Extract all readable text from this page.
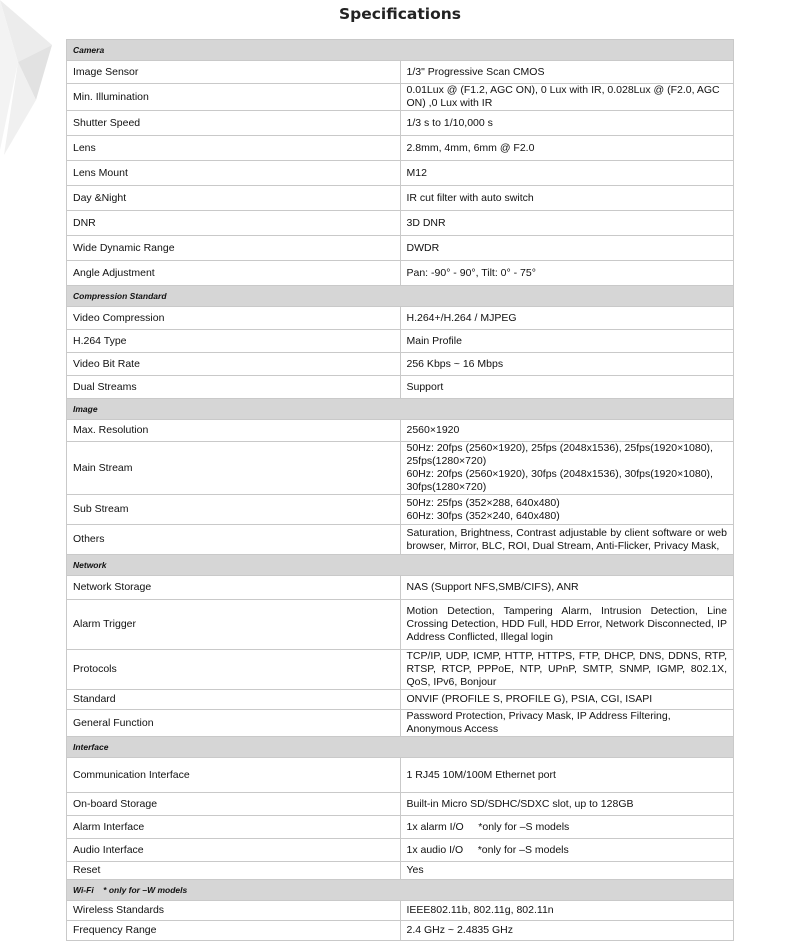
Specifications
Camera	
Image Sensor	1/3" Progressive Scan CMOS
Min. Illumination	0.01Lux @ (F1.2, AGC ON), 0 Lux with IR, 0.028Lux @ (F2.0, AGC ON) ,0 Lux with IR
Shutter Speed	1/3 s to 1/10,000 s
Lens	2.8mm, 4mm, 6mm @ F2.0
Lens Mount	M12
Day &Night	IR cut filter with auto switch
DNR	3D DNR
Wide Dynamic Range	DWDR
Angle Adjustment	Pan: -90° - 90°, Tilt: 0° - 75°
Compression Standard	
Video Compression	H.264+/H.264 / MJPEG
H.264 Type	Main Profile
Video Bit Rate	256 Kbps ~ 16 Mbps
Dual Streams	Support
Image	
Max. Resolution	2560×1920
Main Stream	50Hz: 20fps (2560×1920), 25fps (2048x1536), 25fps(1920×1080), 25fps(1280×720)
60Hz: 20fps (2560×1920), 30fps (2048x1536), 30fps(1920×1080), 30fps(1280×720)

Sub Stream	50Hz: 25fps (352×288, 640x480)
60Hz: 30fps (352×240, 640x480)

Others	Saturation, Brightness, Contrast adjustable by client software or web browser, Mirror, BLC, ROI, Dual Stream, Anti-Flicker, Privacy Mask,
Network	
Network Storage	NAS (Support NFS,SMB/CIFS), ANR
Alarm Trigger	Motion Detection, Tampering Alarm, Intrusion Detection, Line Crossing Detection, HDD Full, HDD Error, Network Disconnected, IP Address Conflicted, Illegal login
Protocols	TCP/IP, UDP, ICMP, HTTP, HTTPS, FTP, DHCP, DNS, DDNS, RTP, RTSP, RTCP, PPPoE, NTP, UPnP, SMTP, SNMP, IGMP, 802.1X, QoS, IPv6, Bonjour
Standard	ONVIF (PROFILE S, PROFILE G), PSIA, CGI, ISAPI
General Function	Password Protection, Privacy Mask, IP Address Filtering, Anonymous Access
Interface	
Communication Interface	1 RJ45 10M/100M Ethernet port
On-board Storage	Built-in Micro SD/SDHC/SDXC slot, up to 128GB
Alarm Interface	1x alarm I/O     *only for –S models
Audio Interface	1x audio I/O     *only for –S models
Reset	Yes
Wi-Fi * only for –W models	
Wireless Standards	IEEE802.11b, 802.11g, 802.11n
Frequency Range	2.4 GHz ~ 2.4835 GHz
